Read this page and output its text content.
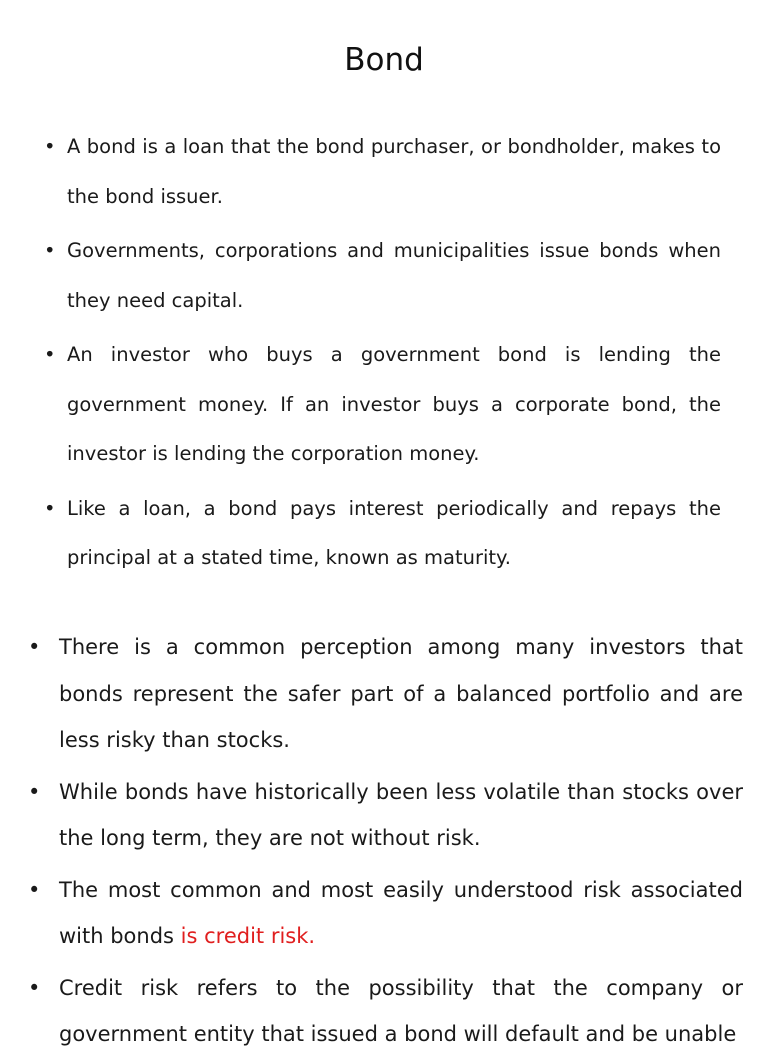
Bond
• A bond is a loan that the bond purchaser, or bondholder, makes to the bond issuer.
• Governments, corporations and municipalities issue bonds when they need capital.
• An investor who buys a government bond is lending the government money. If an investor buys a corporate bond, the investor is lending the corporation money.
• Like a loan, a bond pays interest periodically and repays the principal at a stated time, known as maturity.
• There is a common perception among many investors that bonds represent the safer part of a balanced portfolio and are less risky than stocks.
• While bonds have historically been less volatile than stocks over the long term, they are not without risk.
• The most common and most easily understood risk associated with bonds is credit risk.
• Credit risk refers to the possibility that the company or government entity that issued a bond will default and be unable
